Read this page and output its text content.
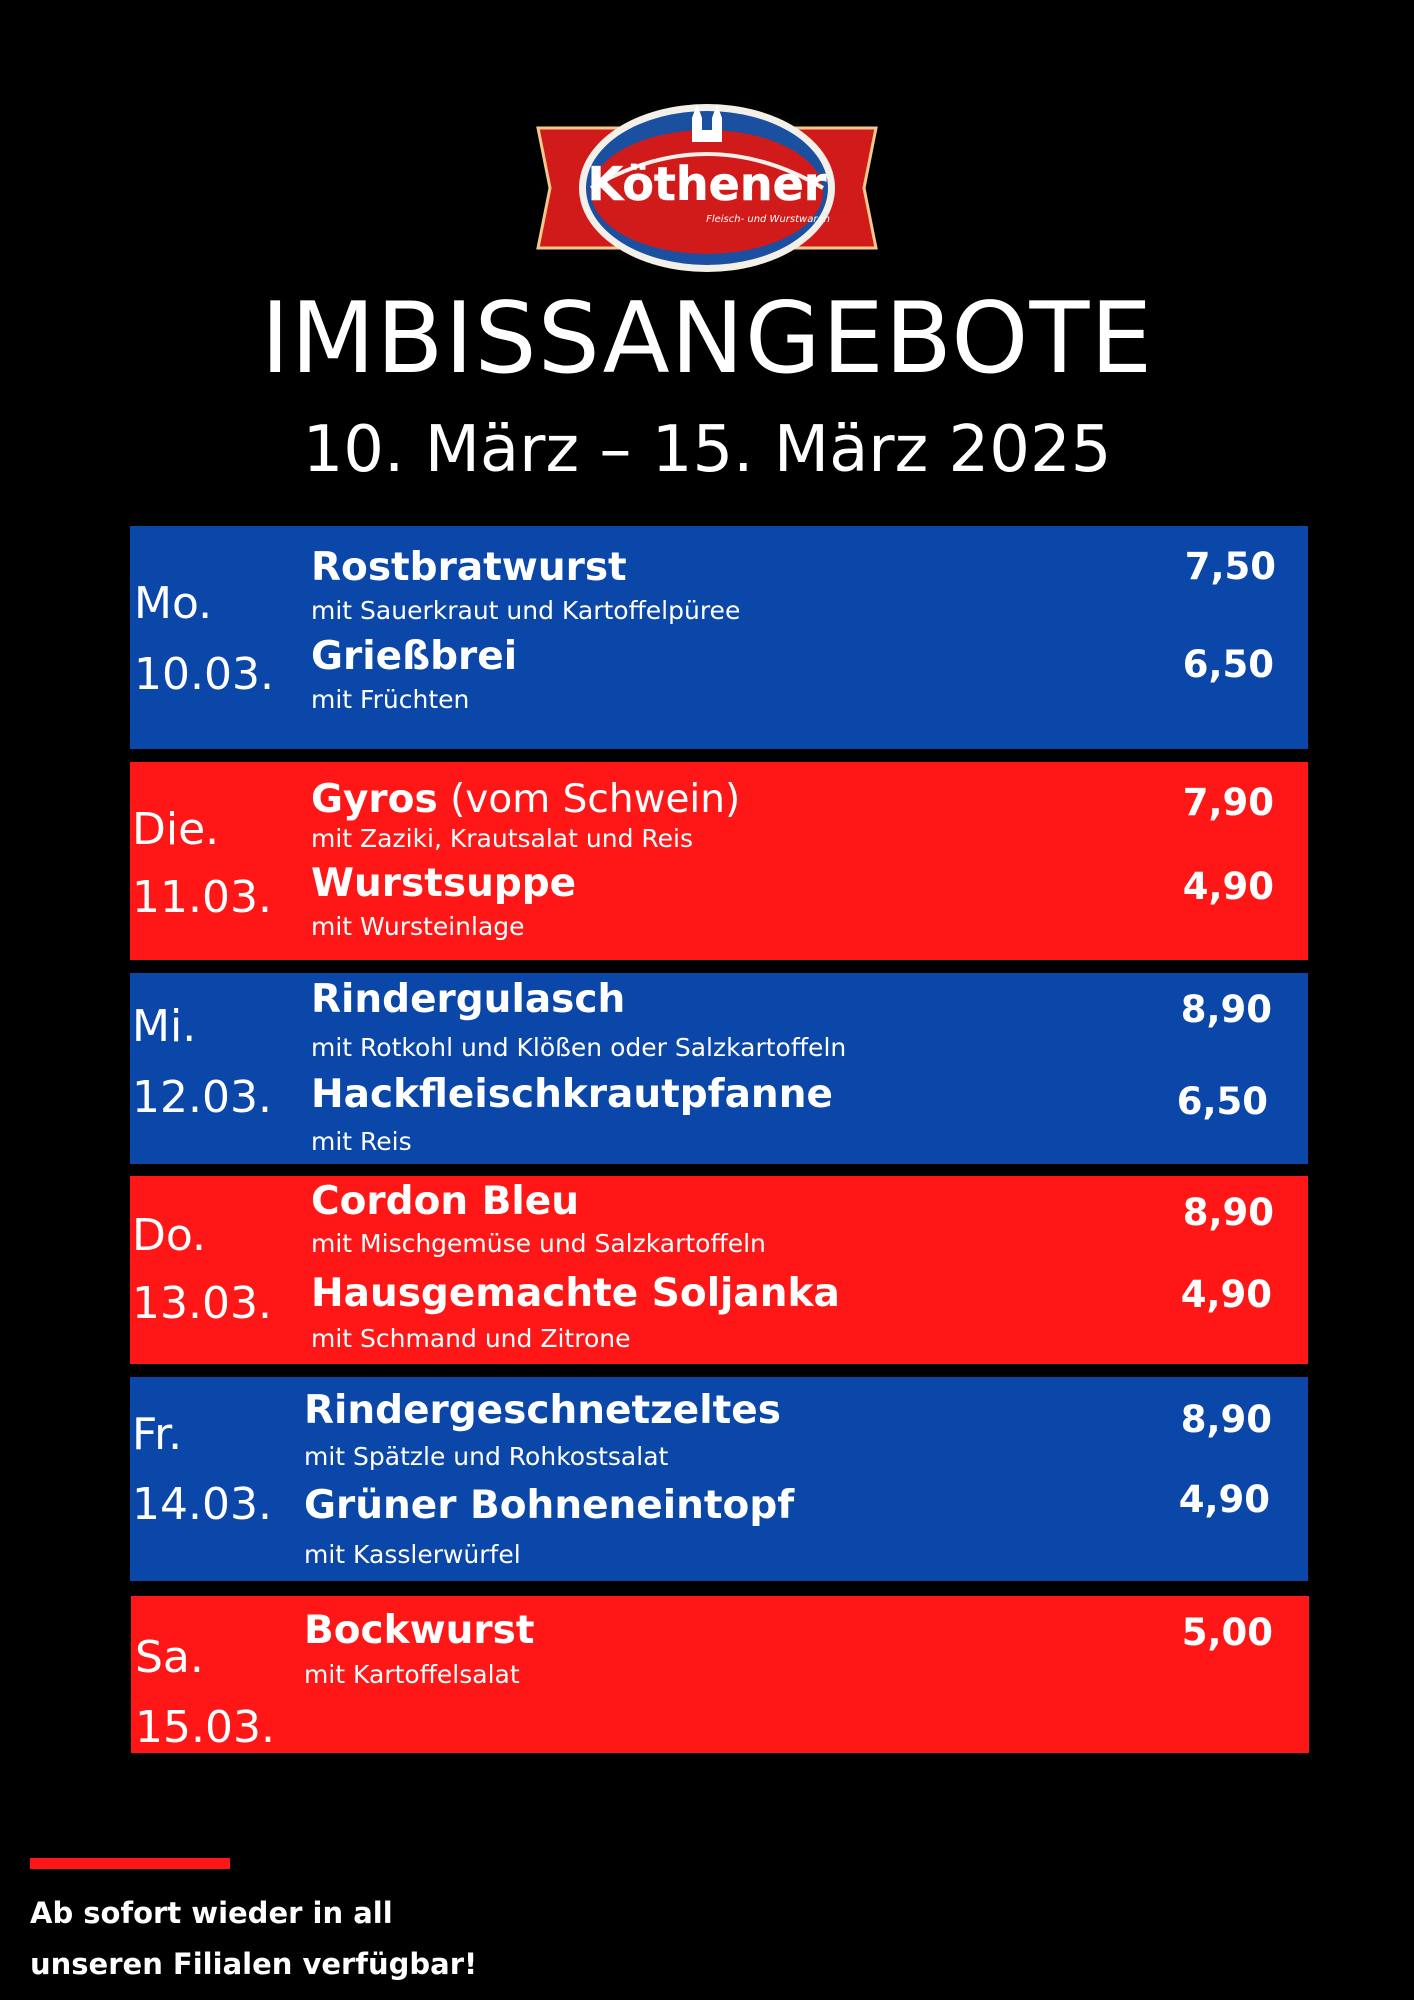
Köthener
Fleisch- und Wurstwaren
IMBISSANGEBOTE
10. März – 15. März 2025
Mo.
10.03.
Rostbratwurst
mit Sauerkraut und Kartoffelpüree
7,50
Grießbrei
mit Früchten
6,50
Die.
11.03.
Gyros (vom Schwein)
mit Zaziki, Krautsalat und Reis
7,90
Wurstsuppe
mit Wursteinlage
4,90
Mi.
12.03.
Rindergulasch
mit Rotkohl und Klößen oder Salzkartoffeln
8,90
Hackfleischkrautpfanne
mit Reis
6,50
Do.
13.03.
Cordon Bleu
mit Mischgemüse und Salzkartoffeln
8,90
Hausgemachte Soljanka
mit Schmand und Zitrone
4,90
Fr.
14.03.
Rindergeschnetzeltes
mit Spätzle und Rohkostsalat
8,90
Grüner Bohneneintopf
mit Kasslerwürfel
4,90
Sa.
15.03.
Bockwurst
mit Kartoffelsalat
5,00
Ab sofort wieder in all
unseren Filialen verfügbar!
